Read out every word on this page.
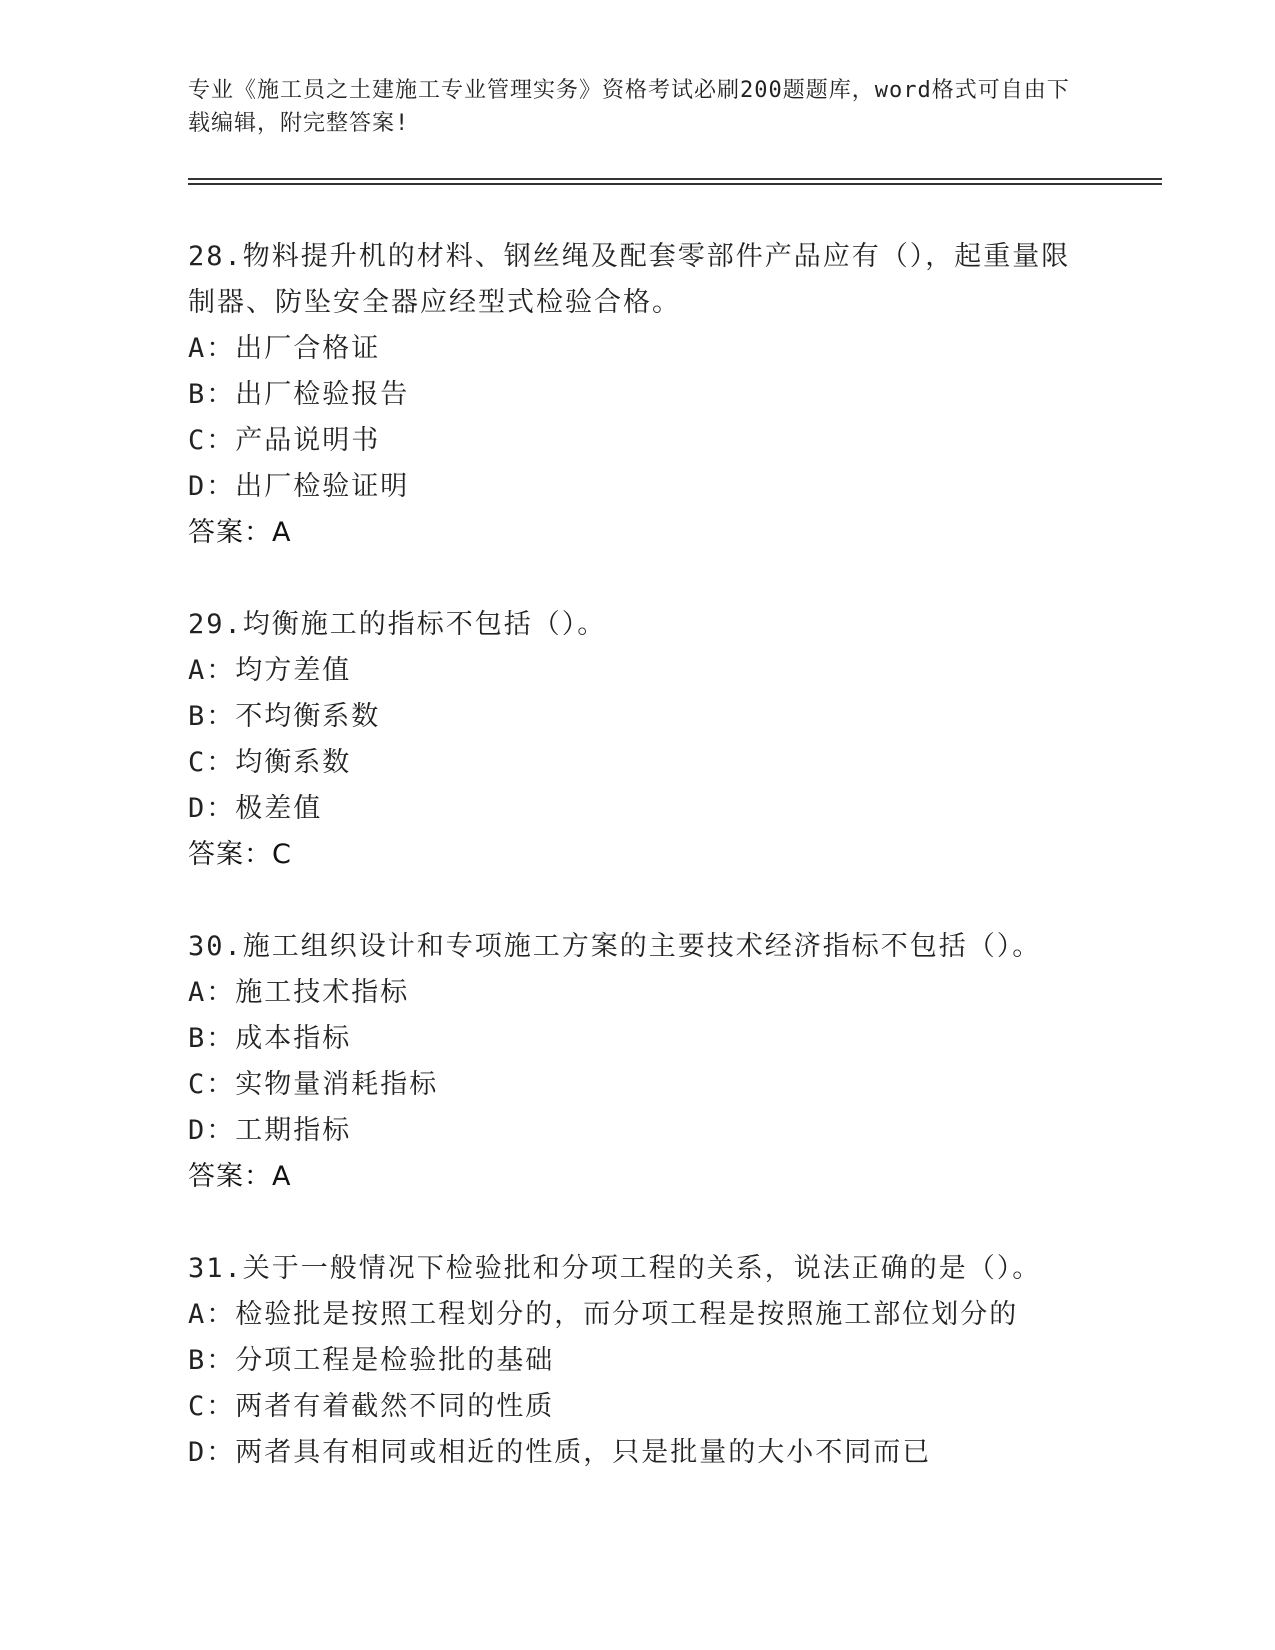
专业《施工员之土建施工专业管理实务》资格考试必刷200题题库，word格式可自由下载编辑，附完整答案!

28.物料提升机的材料、钢丝绳及配套零部件产品应有（），起重量限制器、防坠安全器应经型式检验合格。

A：出厂合格证

B：出厂检验报告

C：产品说明书

D：出厂检验证明

答案：A

29.均衡施工的指标不包括（）。

A：均方差值

B：不均衡系数

C：均衡系数

D：极差值

答案：C

30.施工组织设计和专项施工方案的主要技术经济指标不包括（）。

A：施工技术指标

B：成本指标

C：实物量消耗指标

D：工期指标

答案：A

31.关于一般情况下检验批和分项工程的关系，说法正确的是（）。

A：检验批是按照工程划分的，而分项工程是按照施工部位划分的

B：分项工程是检验批的基础

C：两者有着截然不同的性质

D：两者具有相同或相近的性质，只是批量的大小不同而已
